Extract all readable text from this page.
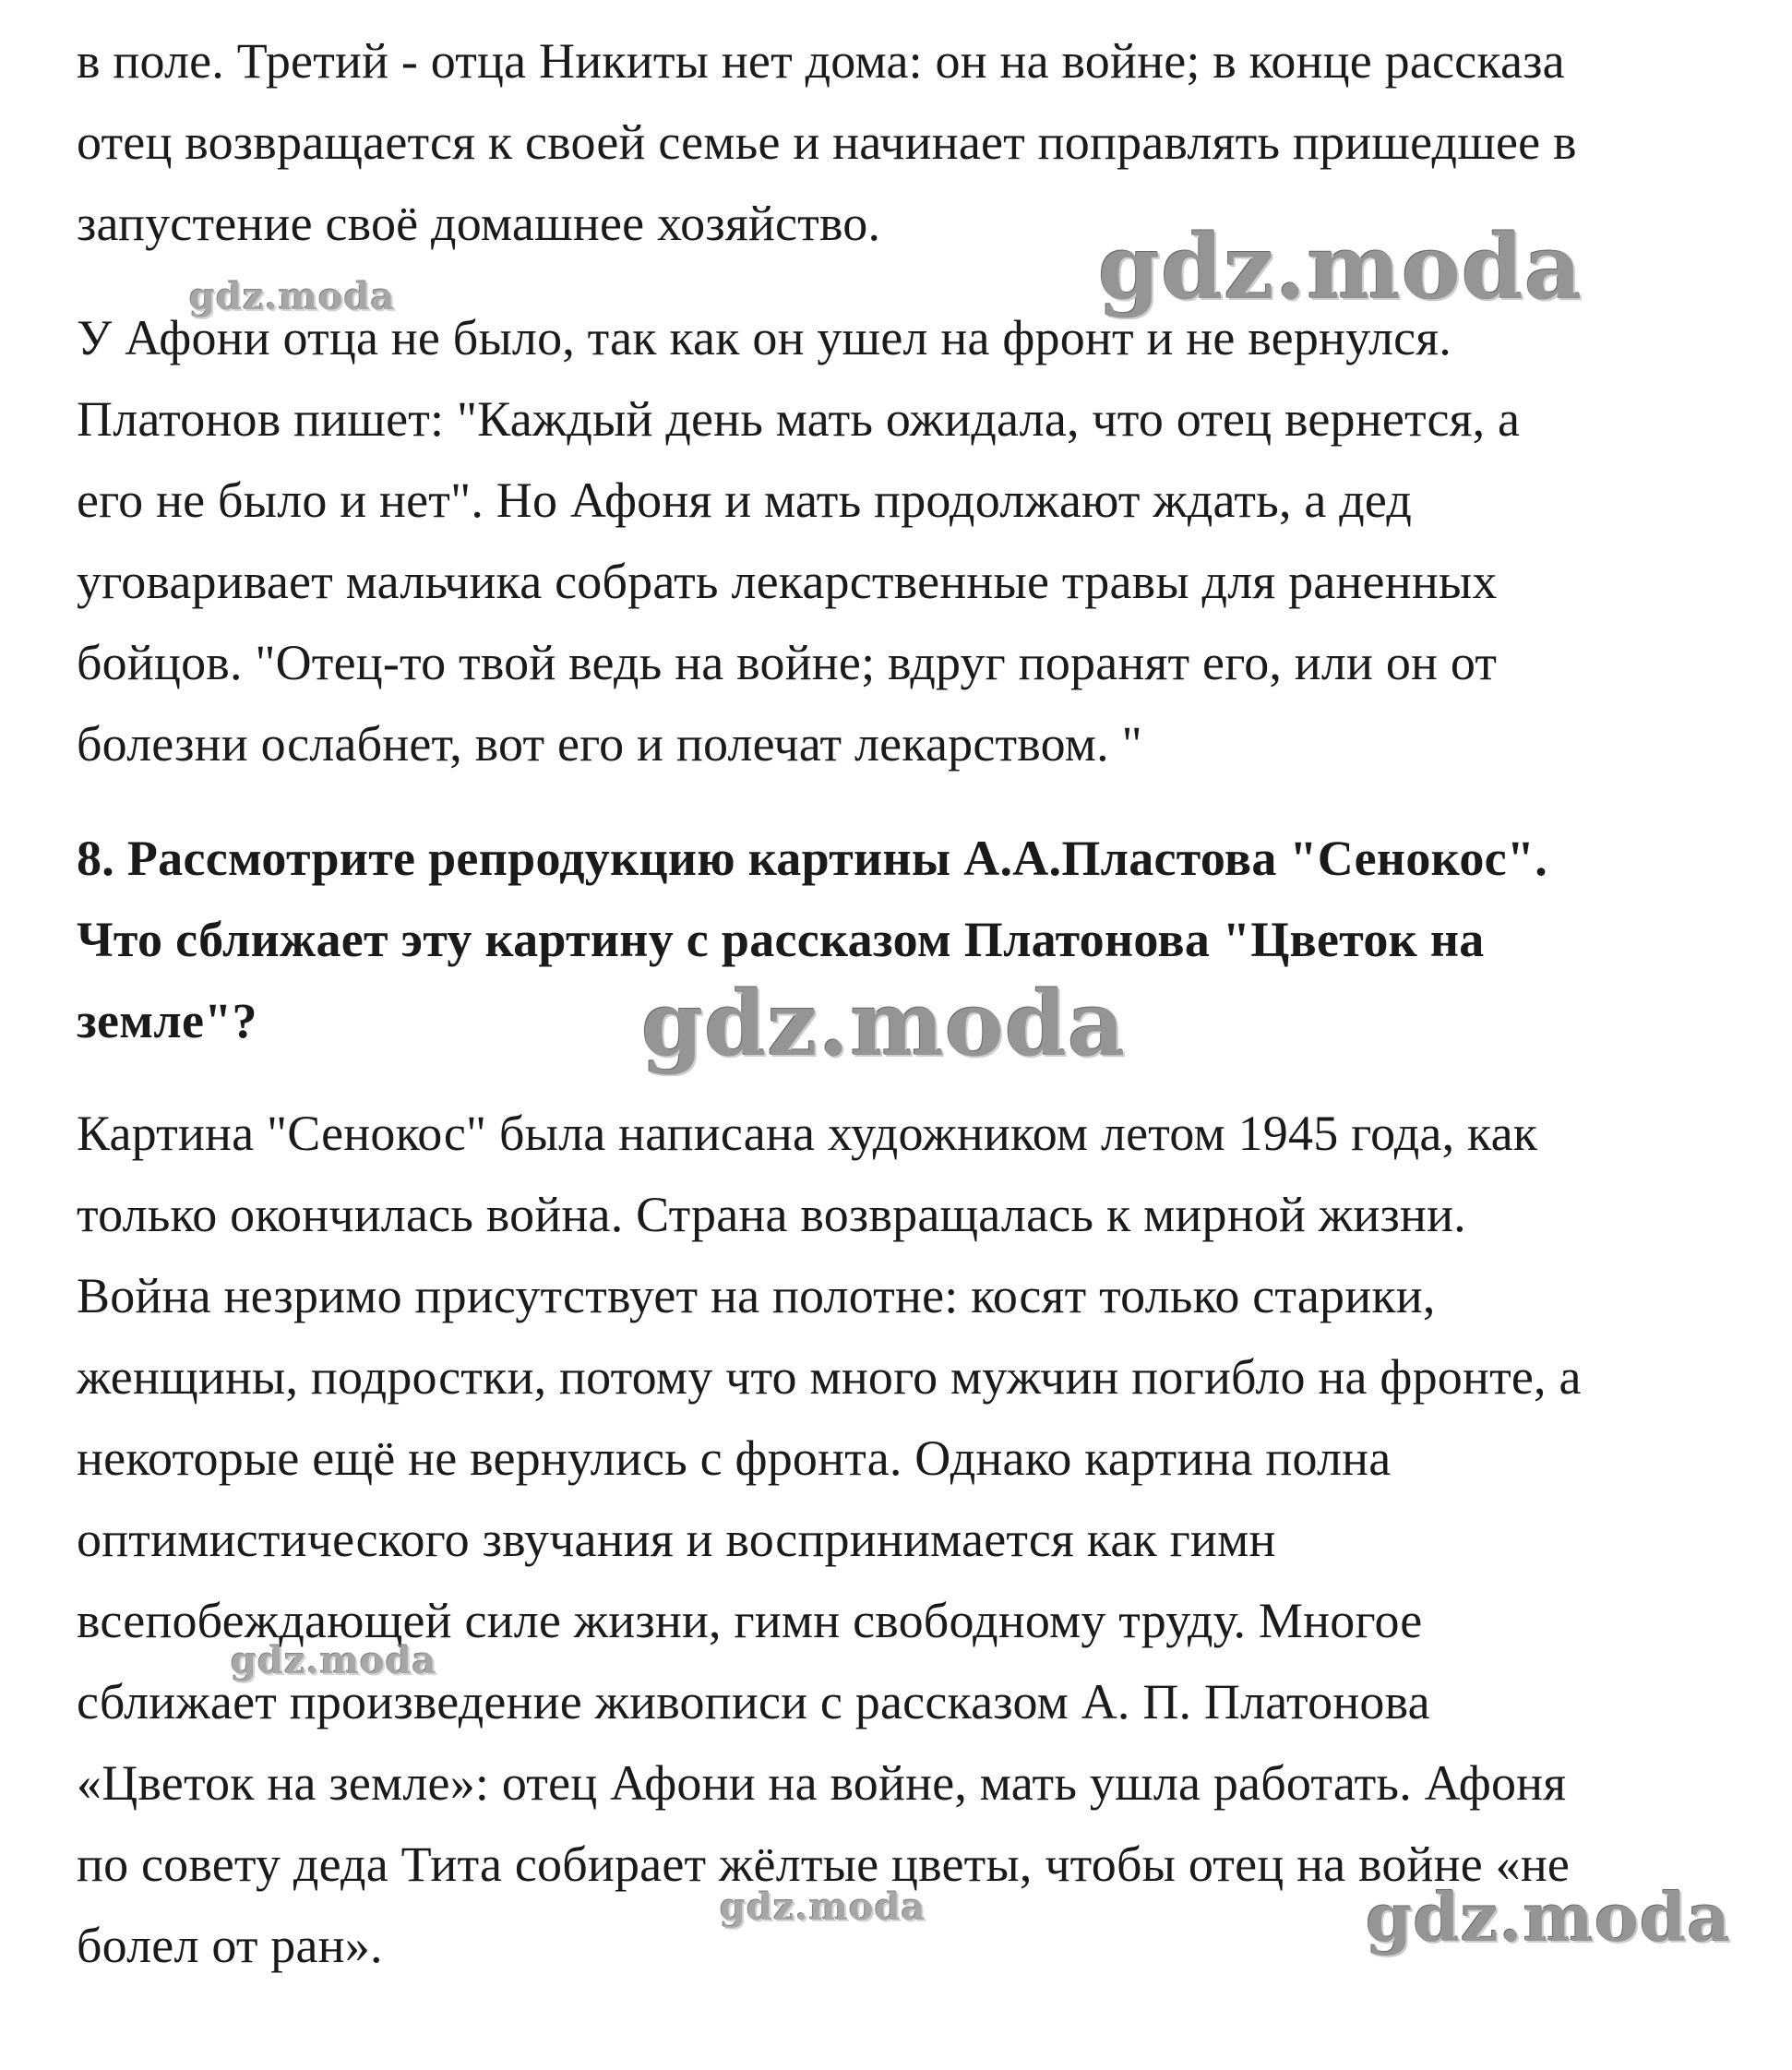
в поле. Третий - отца Никиты нет дома: он на войне; в конце рассказа
отец возвращается к своей семье и начинает поправлять пришедшее в
запустение своё домашнее хозяйство.
У Афони отца не было, так как он ушел на фронт и не вернулся.
Платонов пишет: "Каждый день мать ожидала, что отец вернется, а
его не было и нет". Но Афоня и мать продолжают ждать, а дед
уговаривает мальчика собрать лекарственные травы для раненных
бойцов. "Отец-то твой ведь на войне; вдруг поранят его, или он от
болезни ослабнет, вот его и полечат лекарством. "
8. Рассмотрите репродукцию картины А.А.Пластова "Сенокос".
Что сближает эту картину с рассказом Платонова "Цветок на
земле"?
Картина "Сенокос" была написана художником летом 1945 года, как
только окончилась война. Страна возвращалась к мирной жизни.
Война незримо присутствует на полотне: косят только старики,
женщины, подростки, потому что много мужчин погибло на фронте, а
некоторые ещё не вернулись с фронта. Однако картина полна
оптимистического звучания и воспринимается как гимн
всепобеждающей силе жизни, гимн свободному труду. Многое
сближает произведение живописи с рассказом А. П. Платонова
«Цветок на земле»: отец Афони на войне, мать ушла работать. Афоня
по совету деда Тита собирает жёлтые цветы, чтобы отец на войне «не
болел от ран».
gdz.moda
gdz.moda
gdz.moda
gdz.moda
gdz.moda	gdz.moda
